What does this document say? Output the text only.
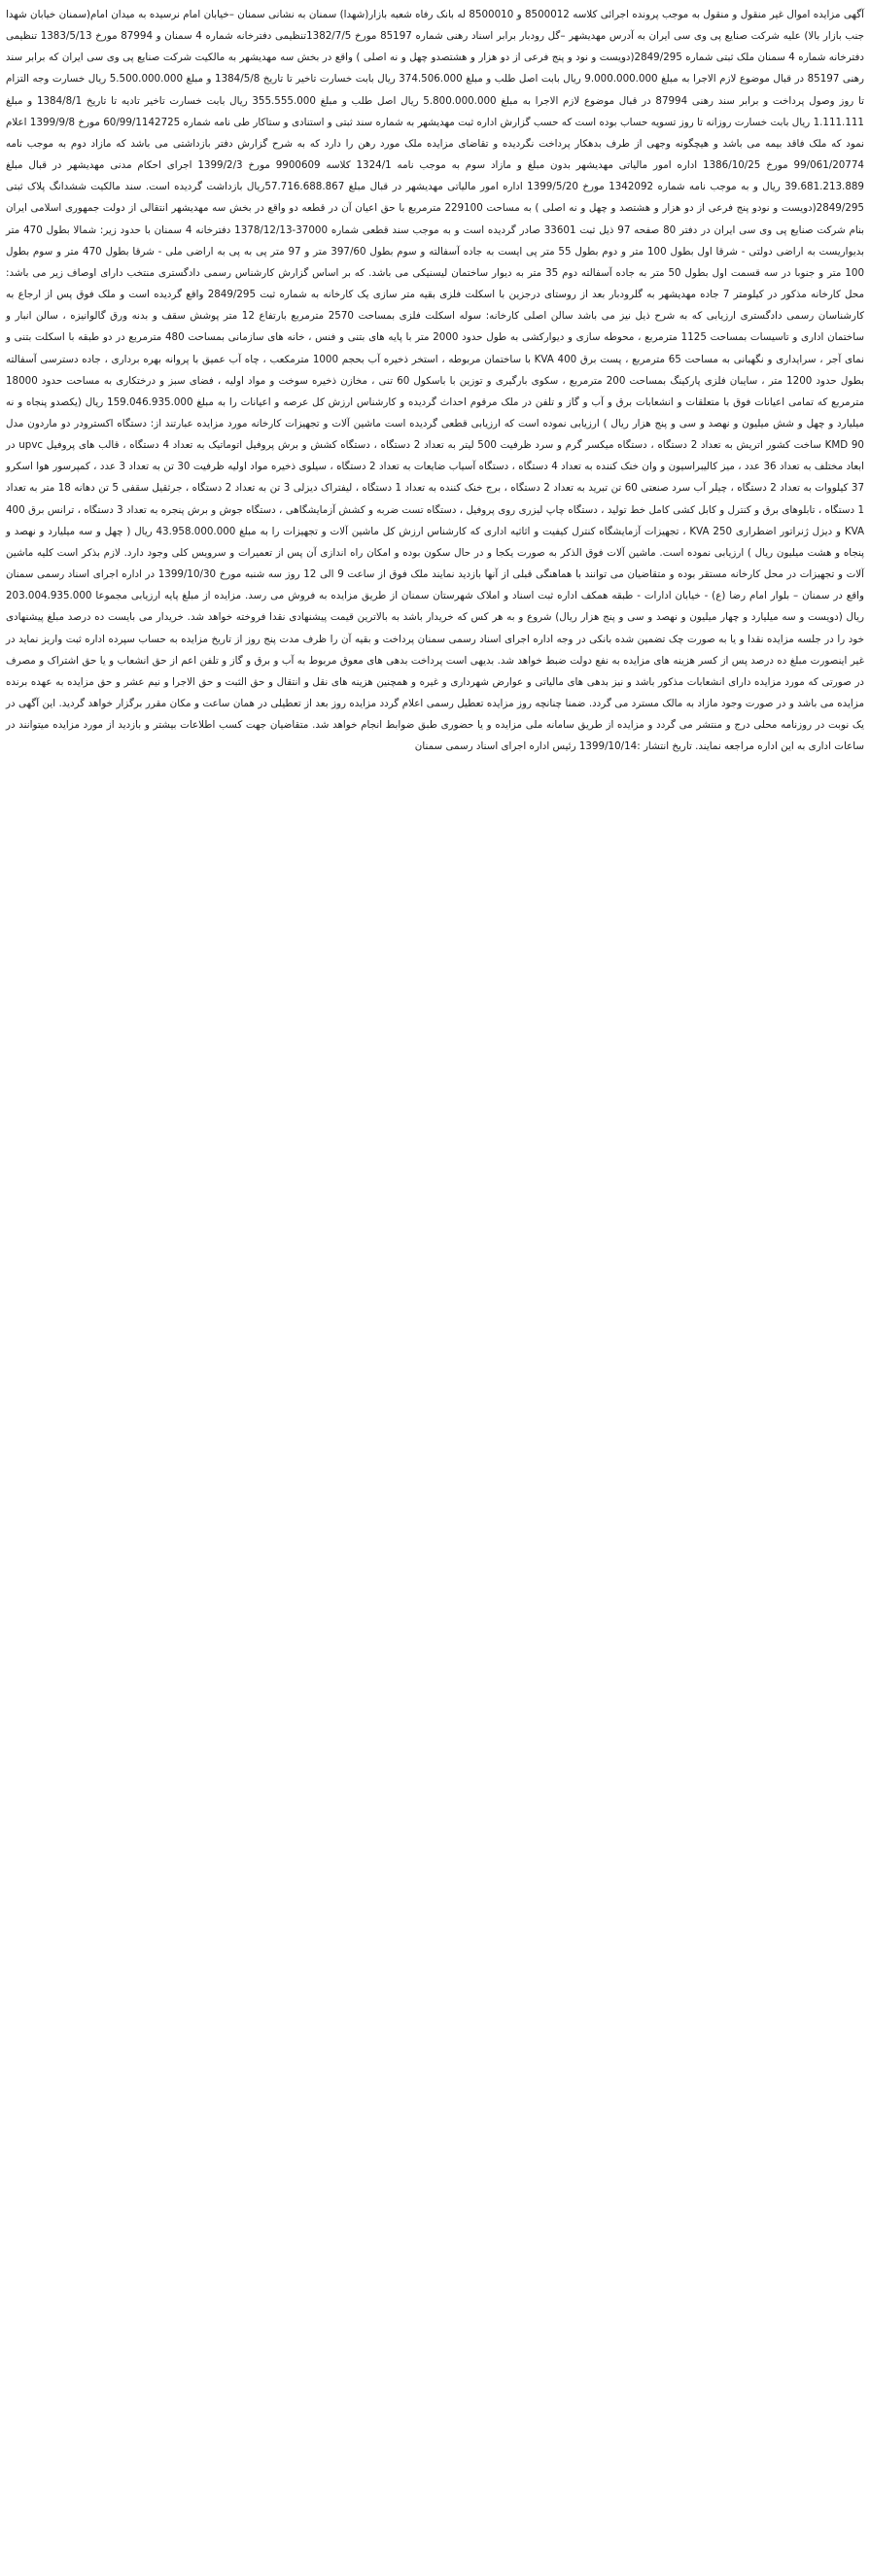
آگهی مزایده اموال غیر منقول و منقول به موجب پرونده اجرائی کلاسه 8500012 و 8500010 له بانک رفاه شعبه بازار(شهدا) سمنان به نشانی سمنان –خیابان امام نرسیده به میدان امام(سمنان خیابان شهدا جنب بازار بالا) علیه شرکت صنایع پی وی سی ایران به آدرس مهدیشهر –گل رودبار برابر اسناد رهنی شماره 85197 مورخ 1382/7/5تنظیمی دفترخانه شماره 4 سمنان و 87994 مورخ 1383/5/13 تنظیمی دفترخانه شماره 4 سمنان ملک ثبتی شماره 2849/295(دویست و نود و پنج فرعی از دو هزار و هشتصدو چهل و نه اصلی ) واقع در بخش سه مهدیشهر به مالکیت شرکت صنایع پی وی سی ایران که برابر سند رهنی 85197 در قبال موضوع لازم الاجرا به مبلغ 9.000.000.000 ریال بابت اصل طلب و مبلغ 374.506.000 ریال بابت خسارت تاخیر تا تاریخ 1384/5/8 و مبلغ 5.500.000.000 ریال خسارت وجه التزام تا روز وصول پرداخت و برابر سند رهنی 87994 در قبال موضوع لازم الاجرا به مبلغ 5.800.000.000 ریال اصل طلب و مبلغ 355.555.000 ریال بابت خسارت تاخیر تادیه تا تاریخ 1384/8/1 و مبلغ 1.111.111 ریال بابت خسارت روزانه تا روز تسویه حساب بوده است که حسب گزارش اداره ثبت مهدیشهر به شماره سند ثبتی و استنادی و ستاکار طی نامه شماره 60/99/1142725 مورخ 1399/9/8 اعلام نمود که ملک فاقد بیمه می باشد و هیچگونه وجهی از طرف بدهکار پرداخت نگردیده و تقاضای مزایده ملک مورد رهن را دارد که به شرح گزارش دفتر بازداشتی می باشد که مازاد دوم به موجب نامه 99/061/20774 مورخ 1386/10/25 اداره امور مالیاتی مهدیشهر بدون مبلغ و مازاد سوم به موجب نامه 1324/1 کلاسه 9900609 مورخ 1399/2/3 اجرای احکام مدنی مهدیشهر در قبال مبلغ 39.681.213.889 ریال و به موجب نامه شماره 1342092 مورخ 1399/5/20 اداره امور مالیاتی مهدیشهر در قبال مبلغ 57.716.688.867ریال بازداشت گردیده است. سند مالکیت ششدانگ پلاک ثبتی 2849/295(دویست و نودو پنج فرعی از دو هزار و هشتصد و چهل و نه اصلی ) به مساحت 229100 مترمربع با حق اعیان آن در قطعه دو واقع در بخش سه مهدیشهر انتقالی از دولت جمهوری اسلامی ایران بنام شرکت صنایع پی وی سی ایران در دفتر 80 صفحه 97 ذیل ثبت 33601 صادر گردیده است و به موجب سند قطعی شماره 37000-1378/12/13 دفترخانه 4 سمنان با حدود زیر: شمالا بطول 470 متر بدیواریست به اراضی دولتی - شرقا اول بطول 100 متر و دوم بطول 55 متر پی ایست به جاده آسفالته و سوم بطول 397/60 متر و 97 متر پی به پی به اراضی ملی - شرقا بطول 470 متر و سوم بطول 100 متر و جنوبا در سه قسمت اول بطول 50 متر به جاده آسفالته دوم 35 متر به دیوار ساختمان لیسنیکی می باشد. که بر اساس گزارش کارشناس رسمی دادگستری منتخب دارای اوصاف زیر می باشد: محل کارخانه مذکور در کیلومتر 7 جاده مهدیشهر به گلرودبار بعد از روستای درجزین با اسکلت فلزی بقیه متر سازی یک کارخانه به شماره ثبت 2849/295 واقع گردیده است و ملک فوق پس از ارجاع به کارشناسان رسمی دادگستری ارزیابی که به شرح ذیل نیز می باشد سالن اصلی کارخانه: سوله اسکلت فلزی بمساحت 2570 مترمربع بارتفاع 12 متر پوشش سقف و بدنه ورق گالوانیزه ، سالن انبار و ساختمان اداری و تاسیسات بمساحت 1125 مترمربع ، محوطه سازی و دیوارکشی به طول حدود 2000 متر با پایه های بتنی و فنس ، خانه های سازمانی بمساحت 480 مترمربع در دو طبقه با اسکلت بتنی و نمای آجر ، سرایداری و نگهبانی به مساحت 65 مترمربع ، پست برق 400 KVA با ساختمان مربوطه ، استخر ذخیره آب بحجم 1000 مترمکعب ، چاه آب عمیق با پروانه بهره برداری ، جاده دسترسی آسفالته بطول حدود 1200 متر ، سایبان فلزی پارکینگ بمساحت 200 مترمربع ، سکوی بارگیری و توزین با باسکول 60 تنی ، مخازن ذخیره سوخت و مواد اولیه ، فضای سبز و درختکاری به مساحت حدود 18000 مترمربع که تمامی اعیانات فوق با متعلقات و انشعابات برق و آب و گاز و تلفن در ملک مرقوم احداث گردیده و کارشناس ارزش کل عرصه و اعیانات را به مبلغ 159.046.935.000 ریال (یکصدو پنجاه و نه میلیارد و چهل و شش میلیون و نهصد و سی و پنج هزار ریال ) ارزیابی نموده است که ارزیابی قطعی گردیده است ماشین آلات و تجهیزات کارخانه مورد مزایده عبارتند از: دستگاه اکسترودر دو ماردون مدل KMD 90 ساخت کشور اتریش به تعداد 2 دستگاه ، دستگاه میکسر گرم و سرد ظرفیت 500 لیتر به تعداد 2 دستگاه ، دستگاه کشش و برش پروفیل اتوماتیک به تعداد 4 دستگاه ، قالب های پروفیل upvc در ابعاد مختلف به تعداد 36 عدد ، میز کالیبراسیون و وان خنک کننده به تعداد 4 دستگاه ، دستگاه آسیاب ضایعات به تعداد 2 دستگاه ، سیلوی ذخیره مواد اولیه ظرفیت 30 تن به تعداد 3 عدد ، کمپرسور هوا اسکرو 37 کیلووات به تعداد 2 دستگاه ، چیلر آب سرد صنعتی 60 تن تبرید به تعداد 2 دستگاه ، برج خنک کننده به تعداد 1 دستگاه ، لیفتراک دیزلی 3 تن به تعداد 2 دستگاه ، جرثقیل سقفی 5 تن دهانه 18 متر به تعداد 1 دستگاه ، تابلوهای برق و کنترل و کابل کشی کامل خط تولید ، دستگاه چاپ لیزری روی پروفیل ، دستگاه تست ضربه و کشش آزمایشگاهی ، دستگاه جوش و برش پنجره به تعداد 3 دستگاه ، ترانس برق 400 KVA و دیزل ژنراتور اضطراری 250 KVA ، تجهیزات آزمایشگاه کنترل کیفیت و اثاثیه اداری که کارشناس ارزش کل ماشین آلات و تجهیزات را به مبلغ 43.958.000.000 ریال ( چهل و سه میلیارد و نهصد و پنجاه و هشت میلیون ریال ) ارزیابی نموده است. ماشین آلات فوق الذکر به صورت یکجا و در حال سکون بوده و امکان راه اندازی آن پس از تعمیرات و سرویس کلی وجود دارد. لازم بذکر است کلیه ماشین آلات و تجهیزات در محل کارخانه مستقر بوده و متقاضیان می توانند با هماهنگی قبلی از آنها بازدید نمایند ملک فوق از ساعت 9 الی 12 روز سه شنبه مورخ 1399/10/30 در اداره اجرای اسناد رسمی سمنان واقع در سمنان – بلوار امام رضا (ع) - خیابان ادارات - طبقه همکف اداره ثبت اسناد و املاک شهرستان سمنان از طریق مزایده به فروش می رسد. مزایده از مبلغ پایه ارزیابی مجموعا 203.004.935.000 ریال (دویست و سه میلیارد و چهار میلیون و نهصد و سی و پنج هزار ریال) شروع و به هر کس که خریدار باشد به بالاترین قیمت پیشنهادی نقدا فروخته خواهد شد. خریدار می بایست ده درصد مبلغ پیشنهادی خود را در جلسه مزایده نقدا و یا به صورت چک تضمین شده بانکی در وجه اداره اجرای اسناد رسمی سمنان پرداخت و بقیه آن را ظرف مدت پنج روز از تاریخ مزایده به حساب سپرده اداره ثبت واریز نماید در غیر اینصورت مبلغ ده درصد پس از کسر هزینه های مزایده به نفع دولت ضبط خواهد شد. بدیهی است پرداخت بدهی های معوق مربوط به آب و برق و گاز و تلفن اعم از حق انشعاب و یا حق اشتراک و مصرف در صورتی که مورد مزایده دارای انشعابات مذکور باشد و نیز بدهی های مالیاتی و عوارض شهرداری و غیره و همچنین هزینه های نقل و انتقال و حق الثبت و حق الاجرا و نیم عشر و حق مزایده به عهده برنده مزایده می باشد و در صورت وجود مازاد به مالک مسترد می گردد. ضمنا چنانچه روز مزایده تعطیل رسمی اعلام گردد مزایده روز بعد از تعطیلی در همان ساعت و مکان مقرر برگزار خواهد گردید. این آگهی در یک نوبت در روزنامه محلی درج و منتشر می گردد و مزایده از طریق سامانه ملی مزایده و یا حضوری طبق ضوابط انجام خواهد شد. متقاضیان جهت کسب اطلاعات بیشتر و بازدید از مورد مزایده میتوانند در ساعات اداری به این اداره مراجعه نمایند. تاریخ انتشار :1399/10/14 رئیس اداره اجرای اسناد رسمی سمنان
